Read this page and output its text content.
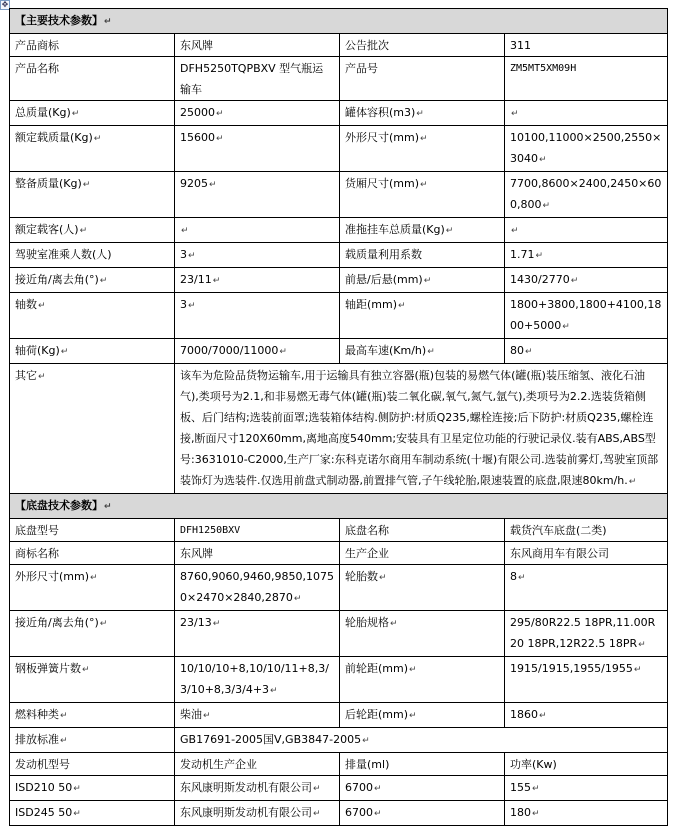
✥
【主要技术参数】↵			
产品商标	东风牌	公告批次	311
产品名称	DFH5250TQPBXV 型气瓶运输车	产品号	ZM5MT5XM09H
总质量(Kg)↵	25000↵	罐体容积(m3)↵	↵
额定载质量(Kg)↵	15600↵	外形尺寸(mm)↵	10100,11000×2500,2550×3040↵
整备质量(Kg)↵	9205↵	货厢尺寸(mm)↵	7700,8600×2400,2450×600,800↵
额定载客(人)↵	↵	准拖挂车总质量(Kg)↵	↵
驾驶室准乘人数(人)	3↵	载质量利用系数	1.71↵
接近角/离去角(°)↵	23/11↵	前悬/后悬(mm)↵	1430/2770↵
轴数↵	3↵	轴距(mm)↵	1800+3800,1800+4100,1800+5000↵
轴荷(Kg)↵	7000/7000/11000↵	最高车速(Km/h)↵	80↵
其它↵	该车为危险品货物运输车,用于运输具有独立容器(瓶)包装的易燃气体(罐(瓶)装压缩氢、液化石油气),类项号为2.1,和非易燃无毒气体(罐(瓶)装二氧化碳,氧气,氮气,氩气),类项号为2.2.选装货箱侧板、后门结构;选装前面罩;选装箱体结构.侧防护:材质Q235,螺栓连接;后下防护:材质Q235,螺栓连接,断面尺寸120X60mm,离地高度540mm;安装具有卫星定位功能的行驶记录仪.装有ABS,ABS型号:3631010-C2000,生产厂家:东科克诺尔商用车制动系统(十堰)有限公司.选装前雾灯,驾驶室顶部装饰灯为选装件.仅选用前盘式制动器,前置排气管,子午线轮胎,限速装置的底盘,限速80km/h.↵		
【底盘技术参数】↵			
底盘型号	DFH1250BXV	底盘名称	载货汽车底盘(二类)
商标名称	东风牌	生产企业	东风商用车有限公司
外形尺寸(mm)↵	8760,9060,9460,9850,10750×2470×2840,2870↵	轮胎数↵	8↵
接近角/离去角(°)↵	23/13↵	轮胎规格↵	295/80R22.5 18PR,11.00R20 18PR,12R22.5 18PR↵
钢板弹簧片数↵	10/10/10+8,10/10/11+8,3/3/10+8,3/3/4+3↵	前轮距(mm)↵	1915/1915,1955/1955↵
燃料种类↵	柴油↵	后轮距(mm)↵	1860↵
排放标准↵	GB17691-2005国V,GB3847-2005↵		
发动机型号	发动机生产企业	排量(ml)	功率(Kw)
ISD210 50↵	东风康明斯发动机有限公司↵	6700↵	155↵
ISD245 50↵	东风康明斯发动机有限公司↵	6700↵	180↵
